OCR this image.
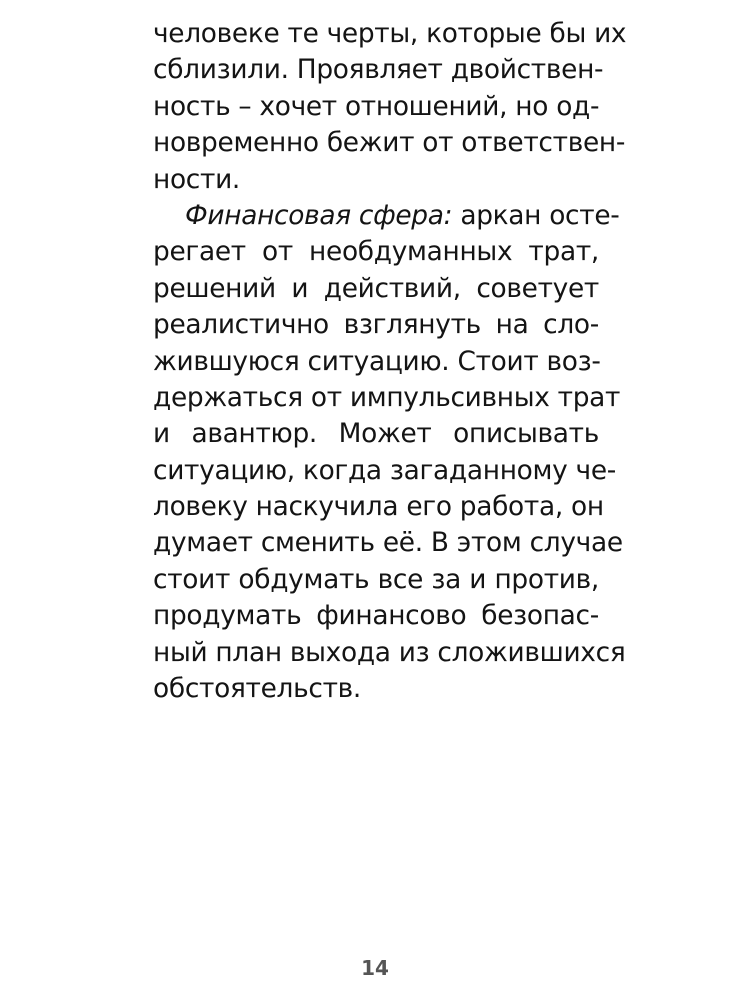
человеке те черты, которые бы их
сблизили. Проявляет двойствен-
ность – хочет отношений, но од-
новременно бежит от ответствен-
ности.
Финансовая сфера: аркан осте-
регает от необдуманных трат,
решений и действий, советует
реалистично взглянуть на сло-
жившуюся ситуацию. Стоит воз-
держаться от импульсивных трат
и авантюр. Может описывать
ситуацию, когда загаданному че-
ловеку наскучила его работа, он
думает сменить её. В этом случае
стоит обдумать все за и против,
продумать финансово безопас-
ный план выхода из сложившихся
обстоятельств.
14
